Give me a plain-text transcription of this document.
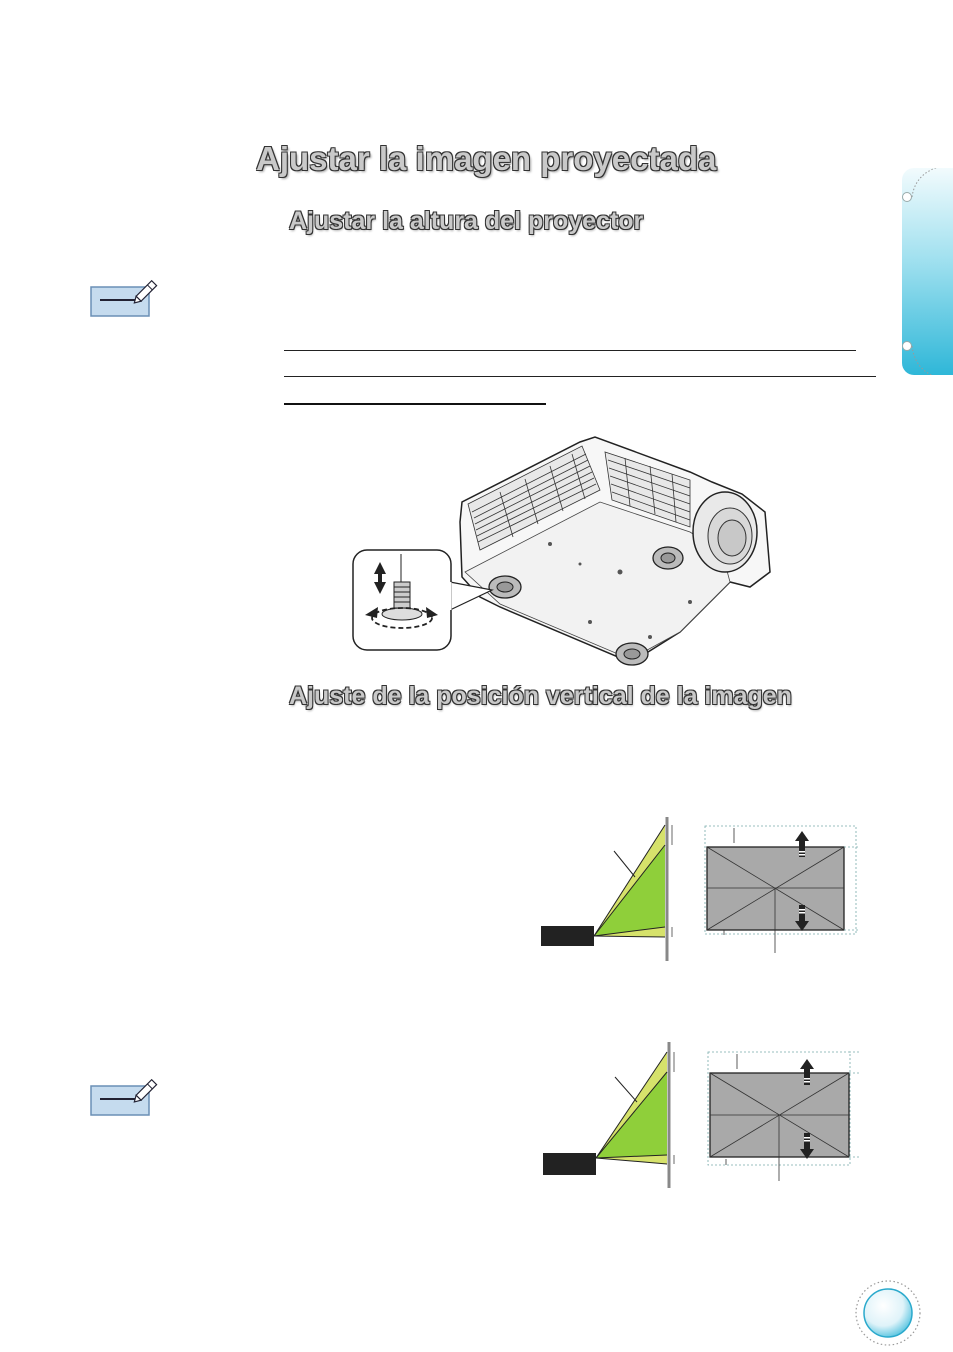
Ajustar la imagen proyectada
Ajustar la altura del proyector
Ajuste de la posición vertical de la imagen
